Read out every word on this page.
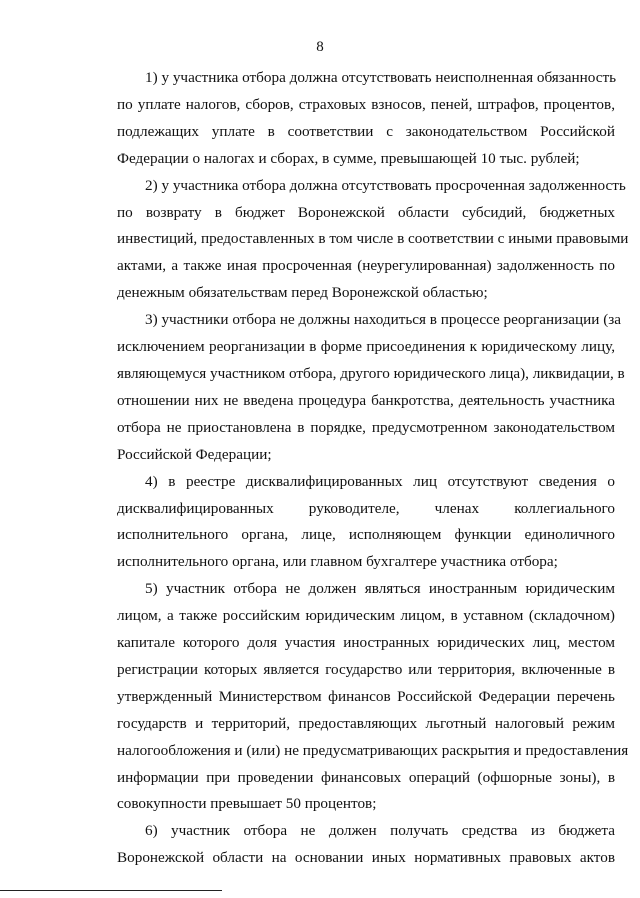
8

1) у участника отбора должна отсутствовать неисполненная обязанность
по уплате налогов, сборов, страховых взносов, пеней, штрафов, процентов,
подлежащих уплате в соответствии с законодательством Российской
Федерации о налогах и сборах, в сумме, превышающей 10 тыс. рублей;

2) у участника отбора должна отсутствовать просроченная задолженность
по возврату в бюджет Воронежской области субсидий, бюджетных
инвестиций, предоставленных в том числе в соответствии с иными правовыми
актами, а также иная просроченная (неурегулированная) задолженность по
денежным обязательствам перед Воронежской областью;

3) участники отбора не должны находиться в процессе реорганизации (за
исключением реорганизации в форме присоединения к юридическому лицу,
являющемуся участником отбора, другого юридического лица), ликвидации, в
отношении них не введена процедура банкротства, деятельность участника
отбора не приостановлена в порядке, предусмотренном законодательством
Российской Федерации;

4) в реестре дисквалифицированных лиц отсутствуют сведения о
дисквалифицированных руководителе, членах коллегиального
исполнительного органа, лице, исполняющем функции единоличного
исполнительного органа, или главном бухгалтере участника отбора;

5) участник отбора не должен являться иностранным юридическим
лицом, а также российским юридическим лицом, в уставном (складочном)
капитале которого доля участия иностранных юридических лиц, местом
регистрации которых является государство или территория, включенные в
утвержденный Министерством финансов Российской Федерации перечень
государств и территорий, предоставляющих льготный налоговый режим
налогообложения и (или) не предусматривающих раскрытия и предоставления
информации при проведении финансовых операций (офшорные зоны), в
совокупности превышает 50 процентов;

6) участник отбора не должен получать средства из бюджета
Воронежской области на основании иных нормативных правовых актов
